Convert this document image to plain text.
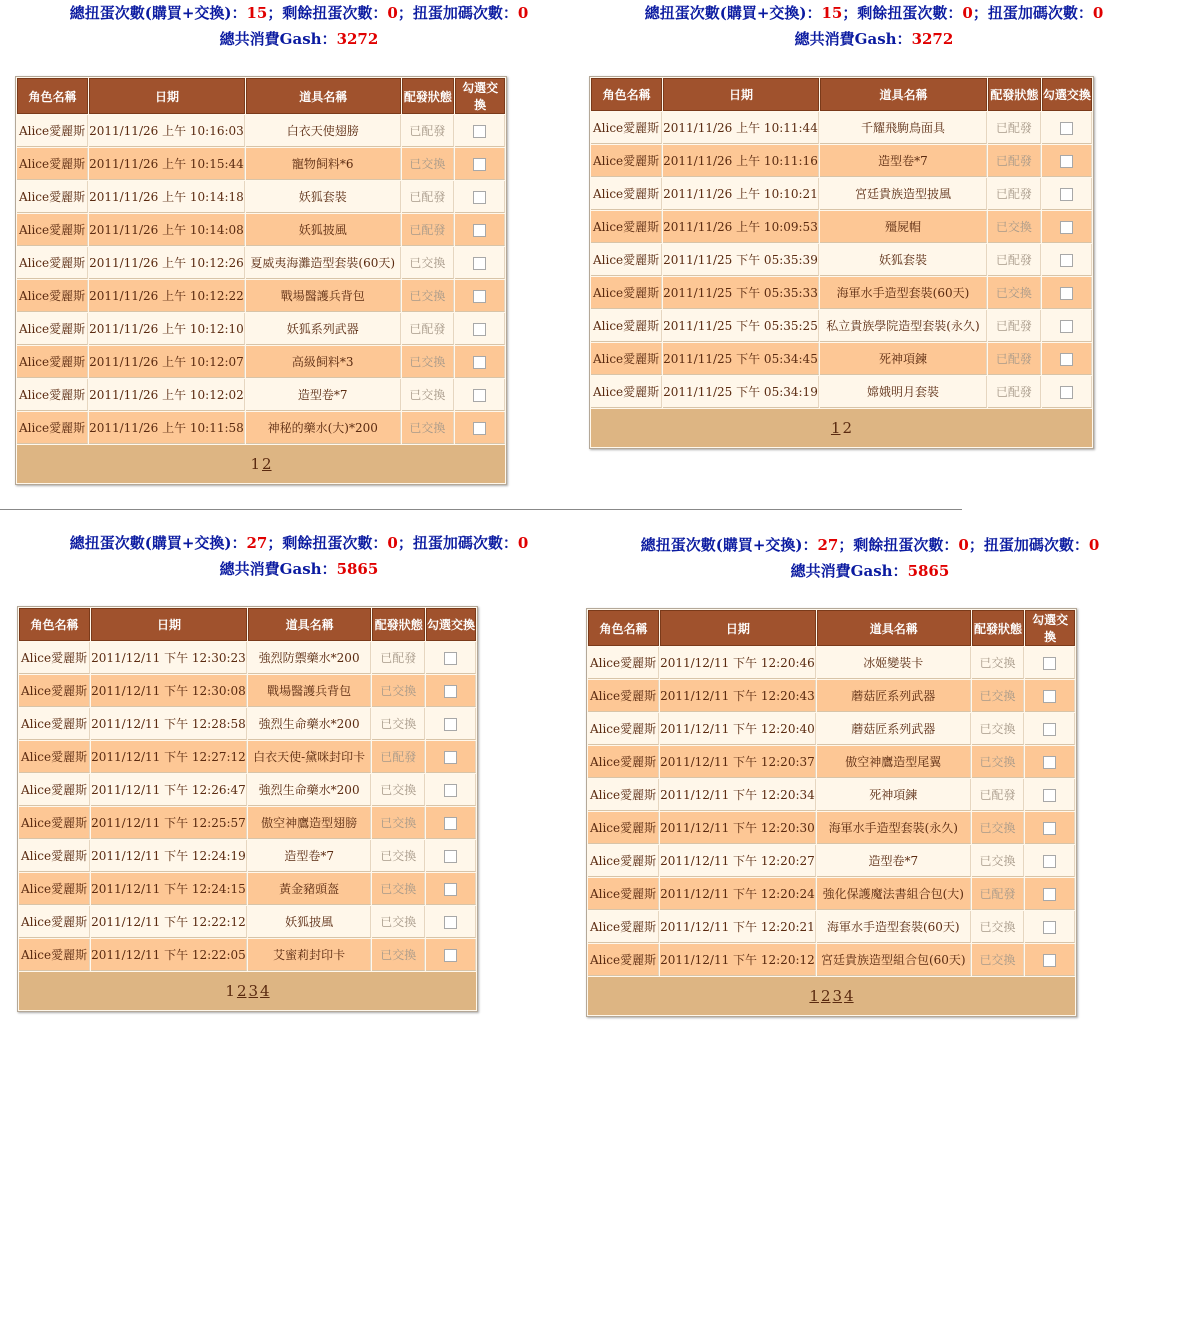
總扭蛋次數(購買+交換)：15；剩餘扭蛋次數：0；扭蛋加碼次數：0
總共消費Gash：3272
角色名稱	日期	道具名稱	配發狀態	勾選交換
Alice愛麗斯	2011/11/26 上午 10:16:03	白衣天使翅膀	已配發	
Alice愛麗斯	2011/11/26 上午 10:15:44	寵物飼料*6	已交換	
Alice愛麗斯	2011/11/26 上午 10:14:18	妖狐套裝	已配發	
Alice愛麗斯	2011/11/26 上午 10:14:08	妖狐披風	已配發	
Alice愛麗斯	2011/11/26 上午 10:12:26	夏威夷海灘造型套裝(60天)	已交換	
Alice愛麗斯	2011/11/26 上午 10:12:22	戰場醫護兵背包	已交換	
Alice愛麗斯	2011/11/26 上午 10:12:10	妖狐系列武器	已配發	
Alice愛麗斯	2011/11/26 上午 10:12:07	高級飼料*3	已交換	
Alice愛麗斯	2011/11/26 上午 10:12:02	造型卷*7	已交換	
Alice愛麗斯	2011/11/26 上午 10:11:58	神秘的藥水(大)*200	已交換	
1 2
總扭蛋次數(購買+交換)：15；剩餘扭蛋次數：0；扭蛋加碼次數：0
總共消費Gash：3272
角色名稱	日期	道具名稱	配發狀態	勾選交換
Alice愛麗斯	2011/11/26 上午 10:11:44	千耀飛駒鳥面具	已配發	
Alice愛麗斯	2011/11/26 上午 10:11:16	造型卷*7	已配發	
Alice愛麗斯	2011/11/26 上午 10:10:21	宮廷貴族造型披風	已配發	
Alice愛麗斯	2011/11/26 上午 10:09:53	殭屍帽	已交換	
Alice愛麗斯	2011/11/25 下午 05:35:39	妖狐套裝	已配發	
Alice愛麗斯	2011/11/25 下午 05:35:33	海軍水手造型套裝(60天)	已交換	
Alice愛麗斯	2011/11/25 下午 05:35:25	私立貴族學院造型套裝(永久)	已配發	
Alice愛麗斯	2011/11/25 下午 05:34:45	死神項鍊	已配發	
Alice愛麗斯	2011/11/25 下午 05:34:19	嫦娥明月套裝	已配發	
1 2
總扭蛋次數(購買+交換)：27；剩餘扭蛋次數：0；扭蛋加碼次數：0
總共消費Gash：5865
角色名稱	日期	道具名稱	配發狀態	勾選交換
Alice愛麗斯	2011/12/11 下午 12:30:23	強烈防禦藥水*200	已配發	
Alice愛麗斯	2011/12/11 下午 12:30:08	戰場醫護兵背包	已交換	
Alice愛麗斯	2011/12/11 下午 12:28:58	強烈生命藥水*200	已交換	
Alice愛麗斯	2011/12/11 下午 12:27:12	白衣天使-黛咪封印卡	已配發	
Alice愛麗斯	2011/12/11 下午 12:26:47	強烈生命藥水*200	已交換	
Alice愛麗斯	2011/12/11 下午 12:25:57	傲空神鷹造型翅膀	已交換	
Alice愛麗斯	2011/12/11 下午 12:24:19	造型卷*7	已交換	
Alice愛麗斯	2011/12/11 下午 12:24:15	黃金豬頭盔	已交換	
Alice愛麗斯	2011/12/11 下午 12:22:12	妖狐披風	已交換	
Alice愛麗斯	2011/12/11 下午 12:22:05	艾蜜莉封印卡	已交換	
1 2 3 4
總扭蛋次數(購買+交換)：27；剩餘扭蛋次數：0；扭蛋加碼次數：0
總共消費Gash：5865
角色名稱	日期	道具名稱	配發狀態	勾選交換
Alice愛麗斯	2011/12/11 下午 12:20:46	冰姬變裝卡	已交換	
Alice愛麗斯	2011/12/11 下午 12:20:43	蘑菇匠系列武器	已交換	
Alice愛麗斯	2011/12/11 下午 12:20:40	蘑菇匠系列武器	已交換	
Alice愛麗斯	2011/12/11 下午 12:20:37	傲空神鷹造型尾翼	已交換	
Alice愛麗斯	2011/12/11 下午 12:20:34	死神項鍊	已配發	
Alice愛麗斯	2011/12/11 下午 12:20:30	海軍水手造型套裝(永久)	已交換	
Alice愛麗斯	2011/12/11 下午 12:20:27	造型卷*7	已交換	
Alice愛麗斯	2011/12/11 下午 12:20:24	強化保護魔法書組合包(大)	已配發	
Alice愛麗斯	2011/12/11 下午 12:20:21	海軍水手造型套裝(60天)	已交換	
Alice愛麗斯	2011/12/11 下午 12:20:12	宮廷貴族造型組合包(60天)	已交換	
1 2 3 4
